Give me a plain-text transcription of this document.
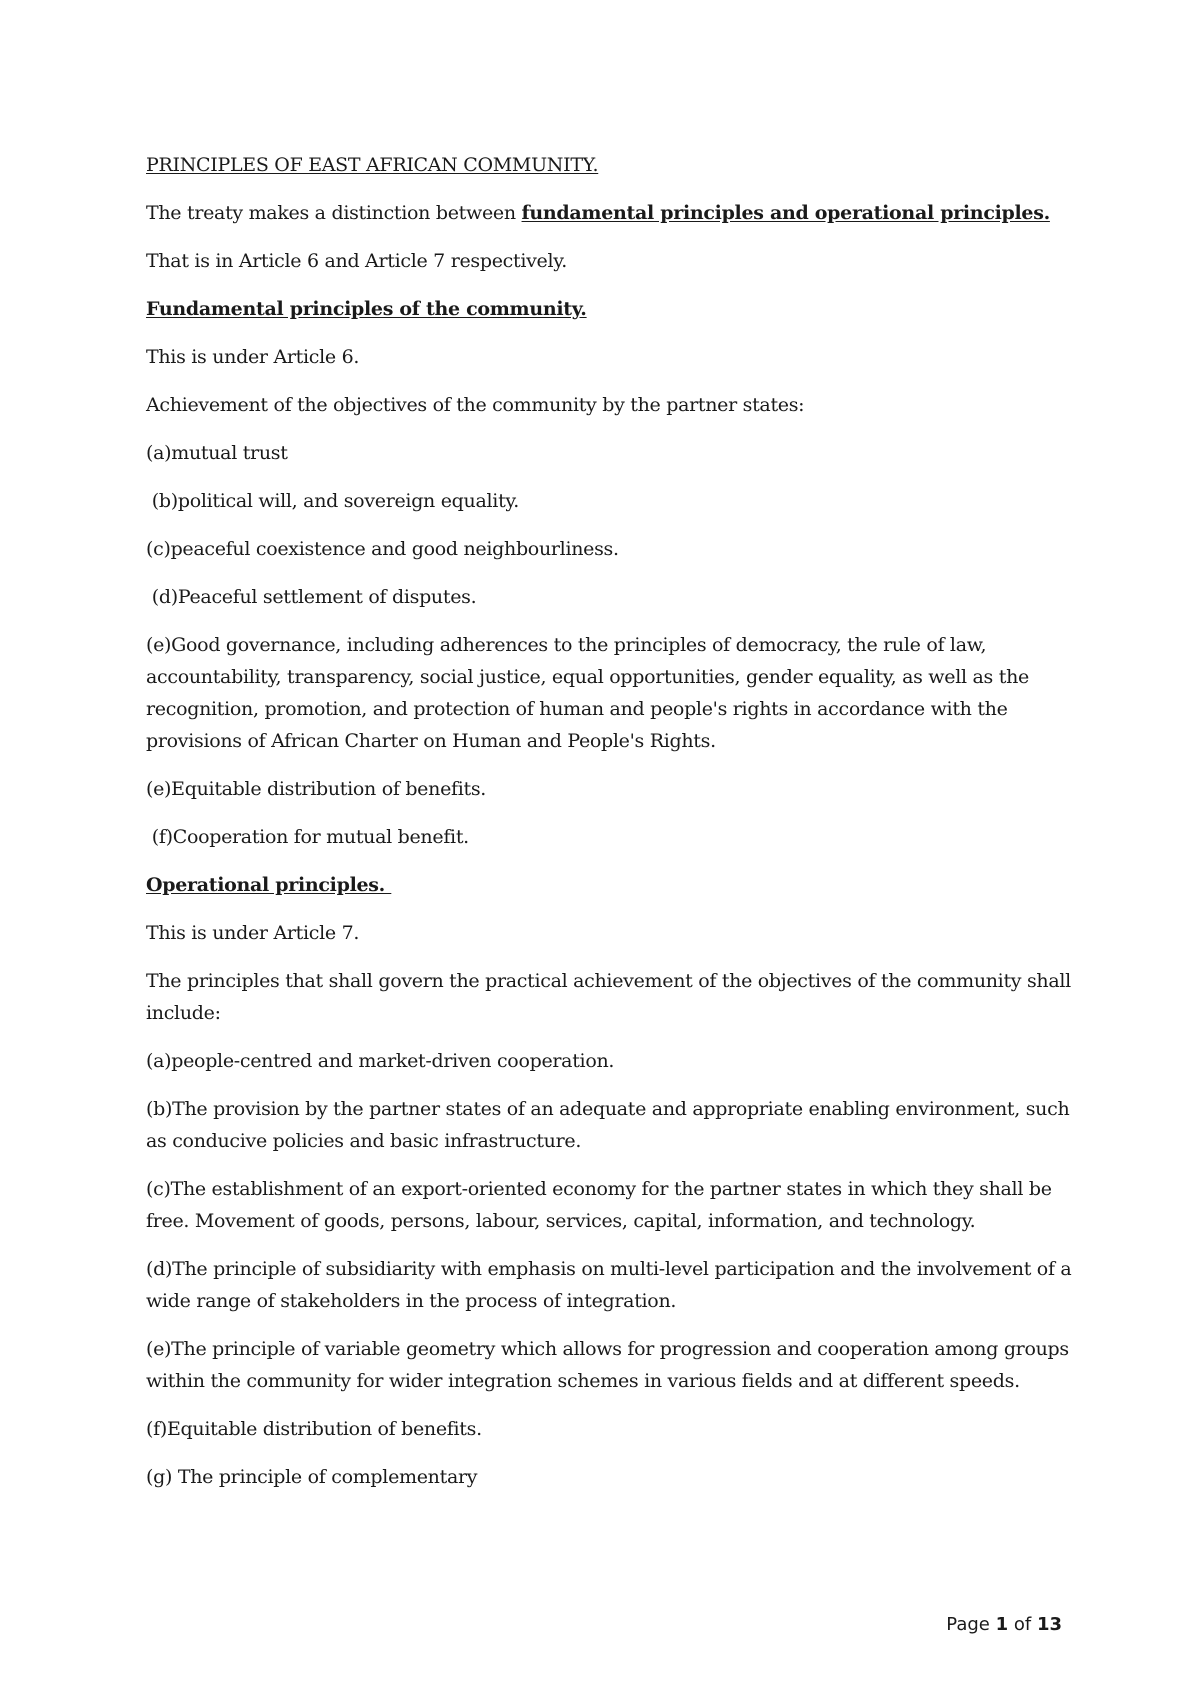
PRINCIPLES OF EAST AFRICAN COMMUNITY.

The treaty makes a distinction between fundamental principles and operational principles.

That is in Article 6 and Article 7 respectively.

Fundamental principles of the community.

This is under Article 6.

Achievement of the objectives of the community by the partner states:

(a)mutual trust

(b)political will, and sovereign equality.

(c)peaceful coexistence and good neighbourliness.

(d)Peaceful settlement of disputes.

(e)Good governance, including adherences to the principles of democracy, the rule of law, accountability, transparency, social justice, equal opportunities, gender equality, as well as the recognition, promotion, and protection of human and people's rights in accordance with the provisions of African Charter on Human and People's Rights.

(e)Equitable distribution of benefits.

(f)Cooperation for mutual benefit.

Operational principles.

This is under Article 7.

The principles that shall govern the practical achievement of the objectives of the community shall include:

(a)people-centred and market-driven cooperation.

(b)The provision by the partner states of an adequate and appropriate enabling environment, such as conducive policies and basic infrastructure.

(c)The establishment of an export-oriented economy for the partner states in which they shall be free. Movement of goods, persons, labour, services, capital, information, and technology.

(d)The principle of subsidiarity with emphasis on multi-level participation and the involvement of a wide range of stakeholders in the process of integration.

(e)The principle of variable geometry which allows for progression and cooperation among groups within the community for wider integration schemes in various fields and at different speeds.

(f)Equitable distribution of benefits.

(g) The principle of complementary

Page 1 of 13
